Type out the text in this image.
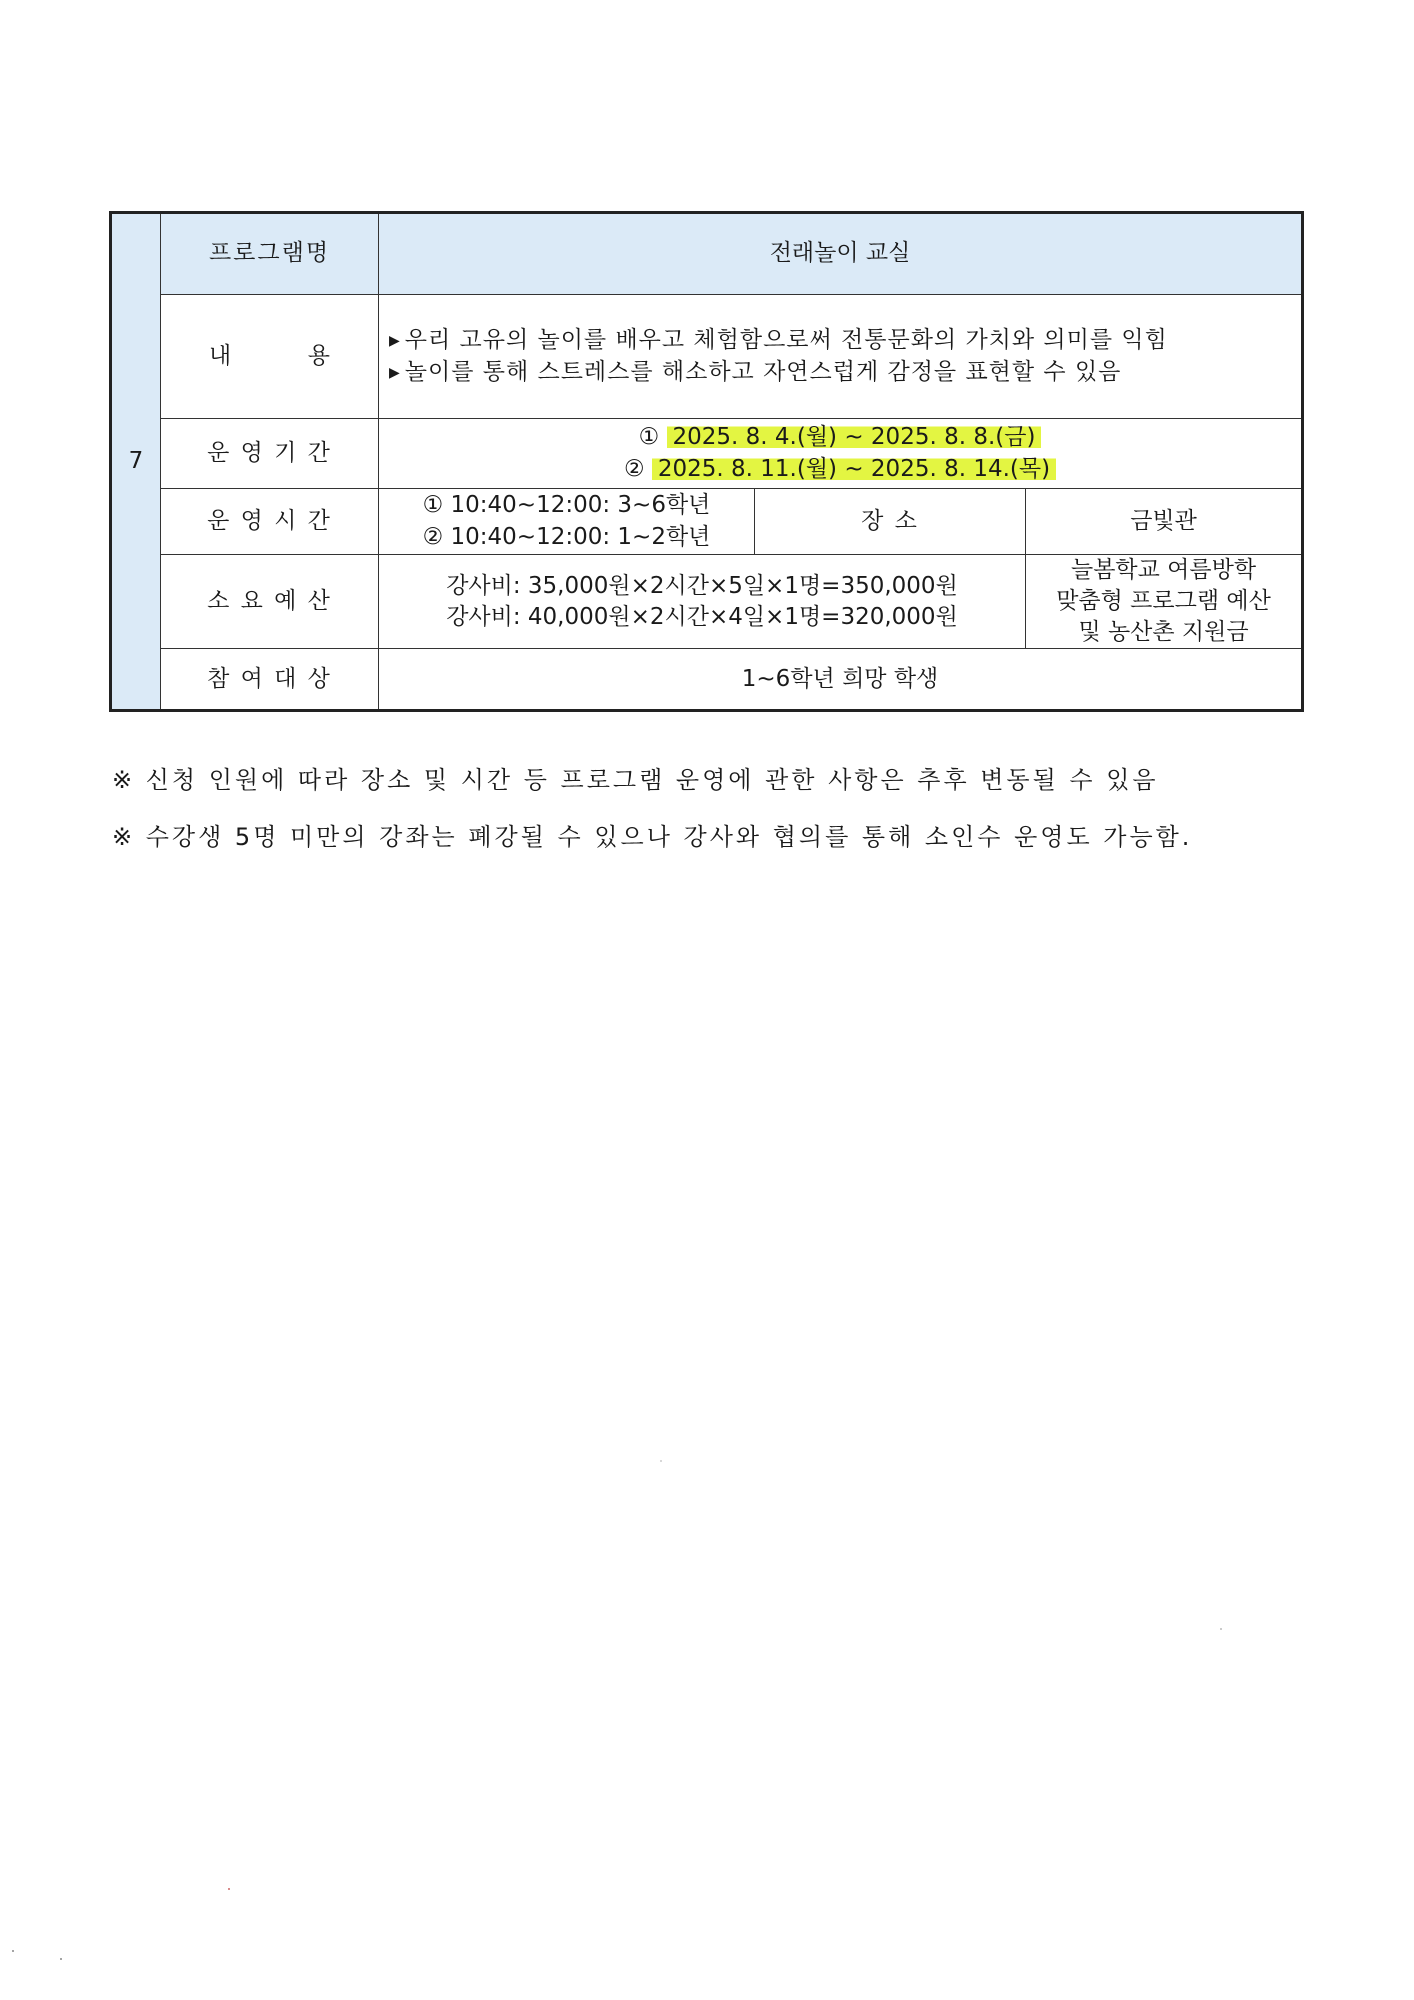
7	프로그램명	전래놀이 교실		

	내 용	▶ 우리 고유의 놀이를 배우고 체험함으로써 전통문화의 가치와 의미를 익힘
▶ 놀이를 통해 스트레스를 해소하고 자연스럽게 감정을 표현할 수 있음		

	운 영 기 간	① 2025. 8. 4.(월) ~ 2025. 8. 8.(금)
② 2025. 8. 11.(월) ~ 2025. 8. 14.(목)		

	운 영 시 간	① 10:40~12:00: 3~6학년
② 10:40~12:00: 1~2학년	장 소	금빛관
	소 요 예 산	강사비: 35,000원×2시간×5일×1명=350,000원
강사비: 40,000원×2시간×4일×1명=320,000원		늘봄학교 여름방학
맞춤형 프로그램 예산
및 농산촌 지원금

	참 여 대 상	1~6학년 희망 학생		
※ 신청 인원에 따라 장소 및 시간 등 프로그램 운영에 관한 사항은 추후 변동될 수 있음
※ 수강생 5명 미만의 강좌는 폐강될 수 있으나 강사와 협의를 통해 소인수 운영도 가능함.
